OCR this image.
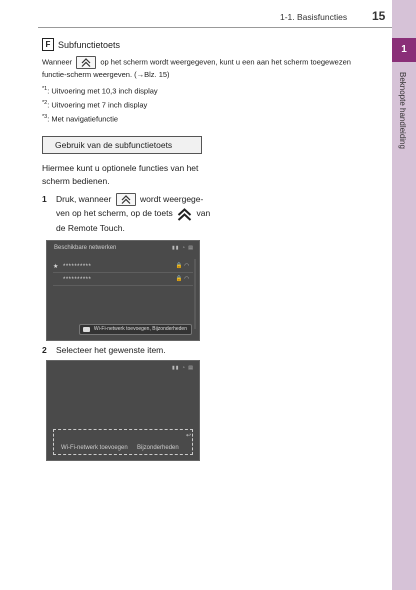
1-1. Basisfuncties 15
1
Beknopte handleiding
F Subfunctietoets
Wanneer	op het scherm wordt weergegeven, kunt u een aan het scherm toegewezen functie-scherm weergeven. (→Blz. 15)
$^{*1}$: Uitvoering met 10,3 inch display
$^{*2}$: Uitvoering met 7 inch display
$^{*3}$: Met navigatiefunctie
Gebruik van de subfunctietoets
Hiermee kunt u optionele functies van het scherm bedienen.
1 Druk, wanneer	wordt weergege-
ven op het scherm, op de toets	van
de Remote Touch.
Beschikbare netwerken	▮▮ ◔ ▤
★ **********	🔒 ◠
**********	🔒 ◠
Wi-Fi-netwerk toevoegen, Bijzonderheden
2 Selecteer het gewenste item.
▮▮ ◔ ▤
↩
Wi-Fi-netwerk toevoegen Bijzonderheden
